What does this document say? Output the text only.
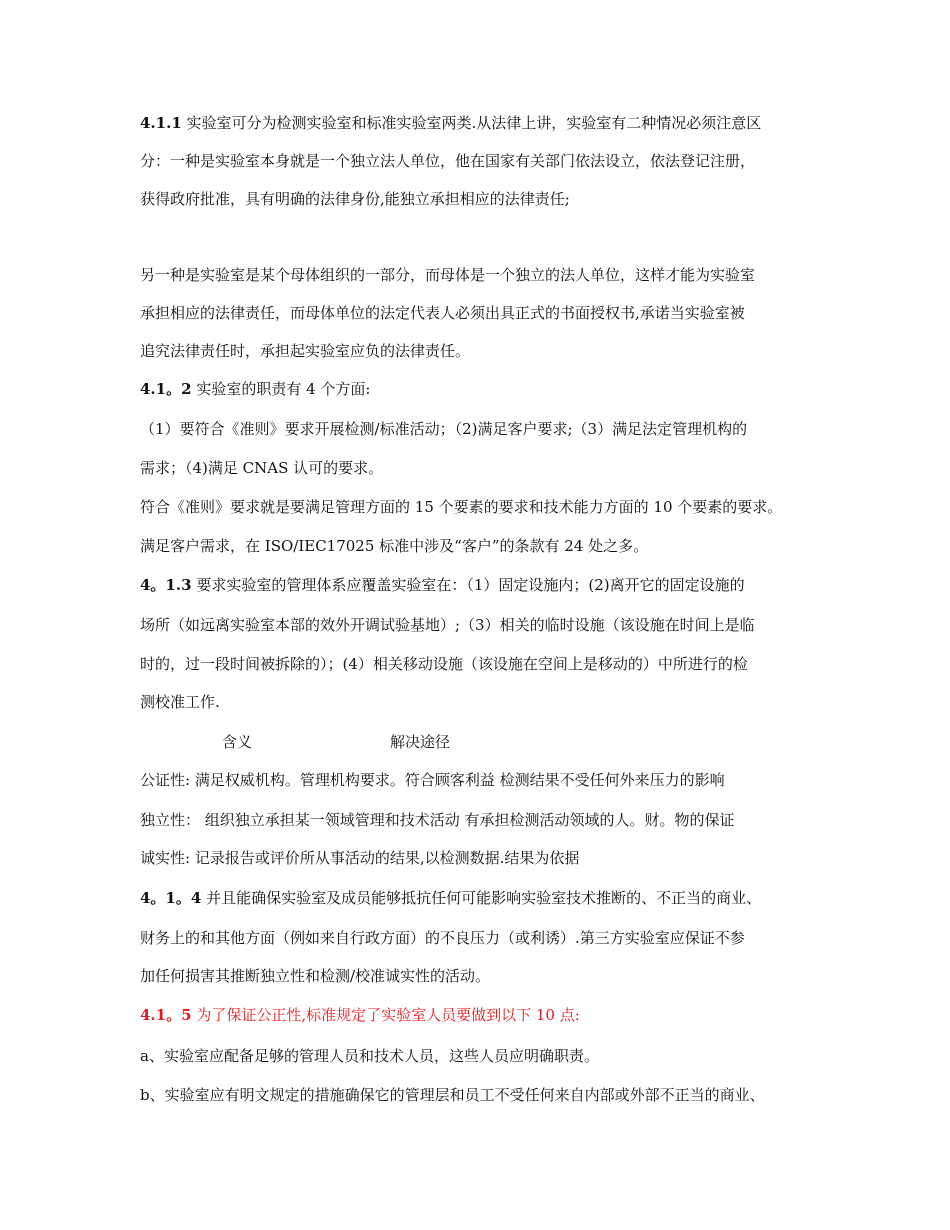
4.1.1 实验室可分为检测实验室和标准实验室两类.从法律上讲，实验室有二种情况必须注意区

分：一种是实验室本身就是一个独立法人单位，他在国家有关部门依法设立，依法登记注册，

获得政府批准，具有明确的法律身份,能独立承担相应的法律责任;

另一种是实验室是某个母体组织的一部分，而母体是一个独立的法人单位，这样才能为实验室

承担相应的法律责任，而母体单位的法定代表人必须出具正式的书面授权书,承诺当实验室被

追究法律责任时，承担起实验室应负的法律责任。

4.1。2 实验室的职责有 4 个方面:

（1）要符合《准则》要求开展检测/标准活动；（2)满足客户要求;（3）满足法定管理机构的

需求；（4)满足 CNAS 认可的要求。

符合《准则》要求就是要满足管理方面的 15 个要素的要求和技术能力方面的 10 个要素的要求。

满足客户需求，在 ISO/IEC17025 标准中涉及“客户”的条款有 24 处之多。

4。1.3 要求实验室的管理体系应覆盖实验室在：（1）固定设施内；(2)离开它的固定设施的

场所（如远离实验室本部的效外开调试验基地）;（3）相关的临时设施（该设施在时间上是临

时的，过一段时间被拆除的）；(4）相关移动设施（该设施在空间上是移动的）中所进行的检

测校准工作.

含义	解决途径

公证性: 满足权威机构。管理机构要求。符合顾客利益 检测结果不受任何外来压力的影响

独立性： 组织独立承担某一领域管理和技术活动 有承担检测活动领域的人。财。物的保证

诚实性: 记录报告或评价所从事活动的结果,以检测数据.结果为依据

4。1。4 并且能确保实验室及成员能够抵抗任何可能影响实验室技术推断的、不正当的商业、

财务上的和其他方面（例如来自行政方面）的不良压力（或利诱）.第三方实验室应保证不参

加任何损害其推断独立性和检测/校准诚实性的活动。

4.1。5 为了保证公正性,标准规定了实验室人员要做到以下 10 点:

a、实验室应配备足够的管理人员和技术人员，这些人员应明确职责。

b、实验室应有明文规定的措施确保它的管理层和员工不受任何来自内部或外部不正当的商业、
